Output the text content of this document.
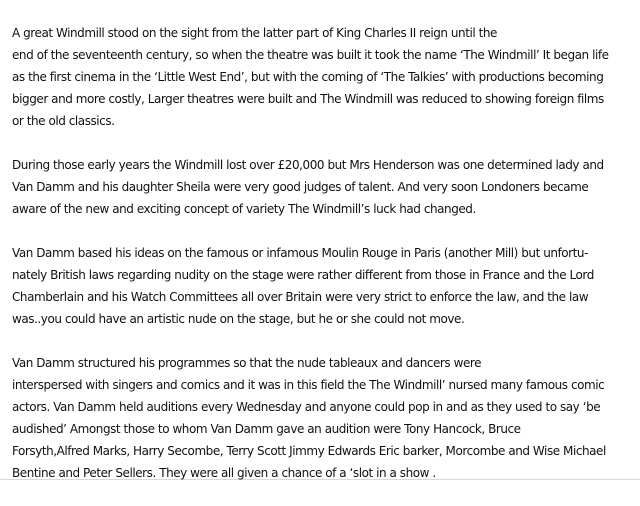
A great Windmill stood on the sight from the latter part of King Charles II reign until the
end of the seventeenth century, so when the theatre was built it took the name ‘The Windmill’ It began life
as the first cinema in the ‘Little West End’, but with the coming of ‘The Talkies’ with productions becoming
bigger and more costly, Larger theatres were built and The Windmill was reduced to showing foreign films
or the old classics.

During those early years the Windmill lost over £20,000 but Mrs Henderson was one determined lady and
Van Damm and his daughter Sheila were very good judges of talent. And very soon Londoners became
aware of the new and exciting concept of variety The Windmill’s luck had changed.

Van Damm based his ideas on the famous or infamous Moulin Rouge in Paris (another Mill) but unfortu-
nately British laws regarding nudity on the stage were rather different from those in France and the Lord
Chamberlain and his Watch Committees all over Britain were very strict to enforce the law, and the law
was..you could have an artistic nude on the stage, but he or she could not move.

Van Damm structured his programmes so that the nude tableaux and dancers were
interspersed with singers and comics and it was in this field the The Windmill’ nursed many famous comic
actors. Van Damm held auditions every Wednesday and anyone could pop in and as they used to say ‘be
audished’ Amongst those to whom Van Damm gave an audition were Tony Hancock, Bruce
Forsyth,Alfred Marks, Harry Secombe, Terry Scott Jimmy Edwards Eric barker, Morcombe and Wise Michael
Bentine and Peter Sellers. They were all given a chance of a ‘slot in a show .
